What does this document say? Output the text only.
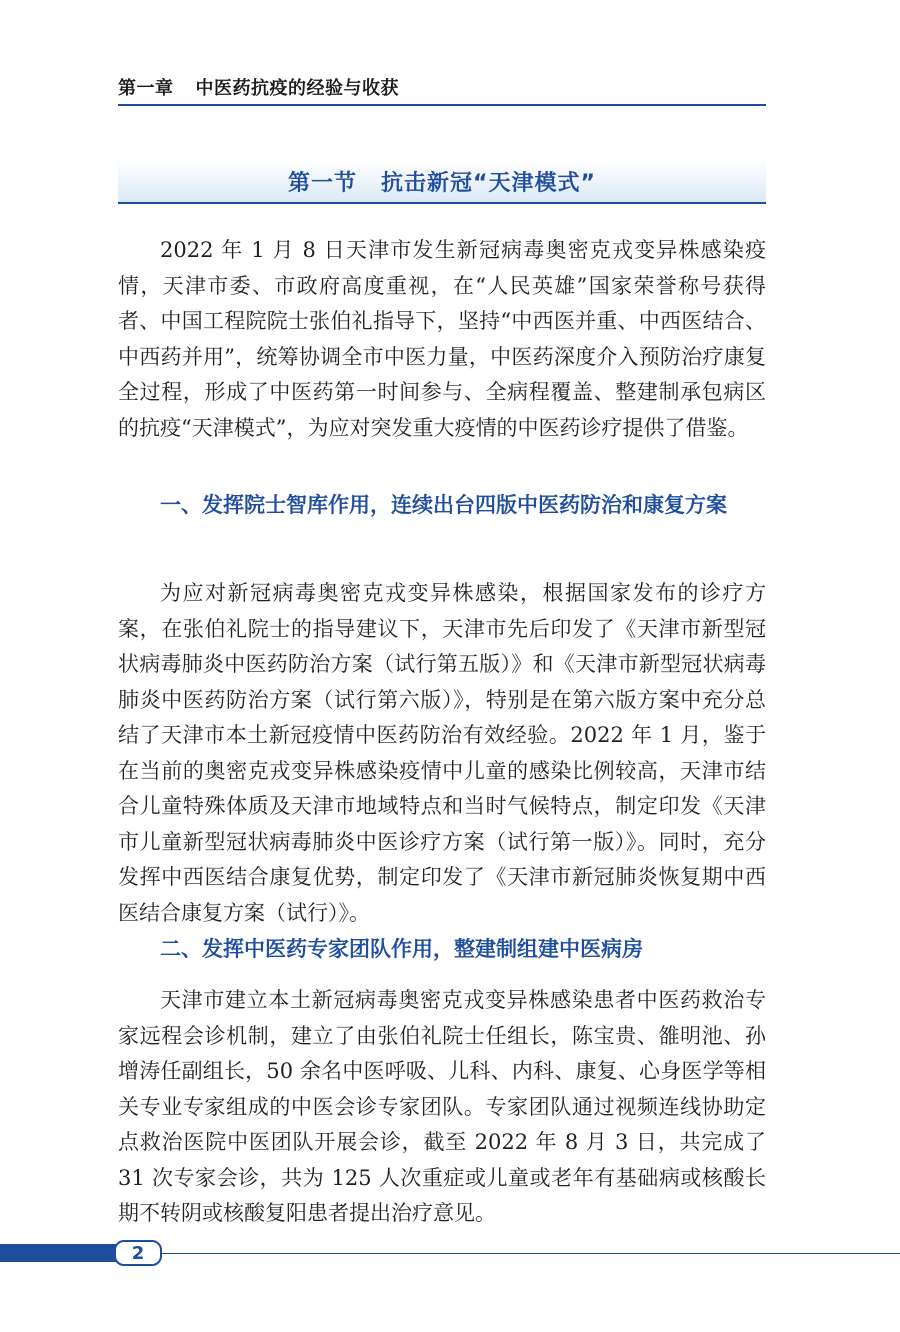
第一章 中医药抗疫的经验与收获
第一节 抗击新冠“天津模式”

2022 年 1 月 8 日天津市发生新冠病毒奥密克戎变异株感染疫情，天津市委、市政府高度重视，在“人民英雄”国家荣誉称号获得者、中国工程院院士张伯礼指导下，坚持“中西医并重、中西医结合、中西药并用”，统筹协调全市中医力量，中医药深度介入预防治疗康复全过程，形成了中医药第一时间参与、全病程覆盖、整建制承包病区的抗疫“天津模式”，为应对突发重大疫情的中医药诊疗提供了借鉴。

一、发挥院士智库作用，连续出台四版中医药防治和康复方案

为应对新冠病毒奥密克戎变异株感染，根据国家发布的诊疗方案，在张伯礼院士的指导建议下，天津市先后印发了《天津市新型冠状病毒肺炎中医药防治方案（试行第五版）》和《天津市新型冠状病毒肺炎中医药防治方案（试行第六版）》，特别是在第六版方案中充分总结了天津市本土新冠疫情中医药防治有效经验。2022 年 1 月，鉴于在当前的奥密克戎变异株感染疫情中儿童的感染比例较高，天津市结合儿童特殊体质及天津市地域特点和当时气候特点，制定印发《天津市儿童新型冠状病毒肺炎中医诊疗方案（试行第一版）》。同时，充分发挥中西医结合康复优势，制定印发了《天津市新冠肺炎恢复期中西医结合康复方案（试行）》。

二、发挥中医药专家团队作用，整建制组建中医病房

天津市建立本土新冠病毒奥密克戎变异株感染患者中医药救治专家远程会诊机制，建立了由张伯礼院士任组长，陈宝贵、雒明池、孙增涛任副组长，50 余名中医呼吸、儿科、内科、康复、心身医学等相关专业专家组成的中医会诊专家团队。专家团队通过视频连线协助定点救治医院中医团队开展会诊，截至 2022 年 8 月 3 日，共完成了 31 次专家会诊，共为 125 人次重症或儿童或老年有基础病或核酸长期不转阴或核酸复阳患者提出治疗意见。

2
